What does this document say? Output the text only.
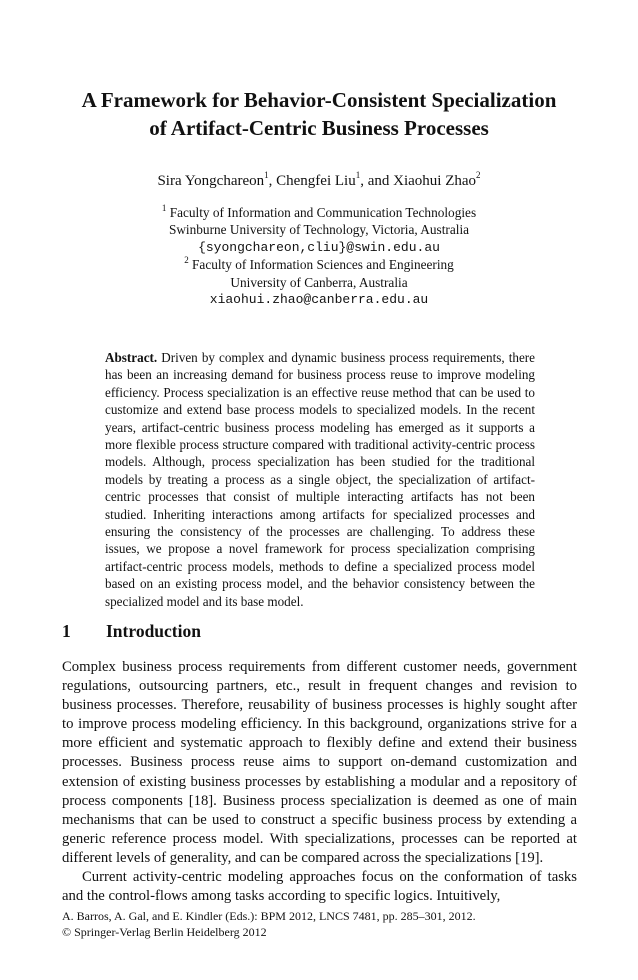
A Framework for Behavior-Consistent Specialization
of Artifact-Centric Business Processes
Sira Yongchareon$^1$, Chengfei Liu$^1$, and Xiaohui Zhao$^2$
$^1$ Faculty of Information and Communication Technologies
Swinburne University of Technology, Victoria, Australia
{syongchareon,cliu}@swin.edu.au
$^2$ Faculty of Information Sciences and Engineering
University of Canberra, Australia
xiaohui.zhao@canberra.edu.au
Abstract. Driven by complex and dynamic business process requirements, there has been an increasing demand for business process reuse to improve modeling efficiency. Process specialization is an effective reuse method that can be used to customize and extend base process models to specialized models. In the recent years, artifact-centric business process modeling has emerged as it supports a more flexible process structure compared with traditional activity-centric process models. Although, process specialization has been studied for the traditional models by treating a process as a single object, the specialization of artifact-centric processes that consist of multiple interacting artifacts has not been studied. Inheriting interactions among artifacts for specialized processes and ensuring the consistency of the processes are challenging. To address these issues, we propose a novel framework for process specialization comprising artifact-centric process models, methods to define a specialized process model based on an existing process model, and the behavior consistency between the specialized model and its base model.
1 Introduction

Complex business process requirements from different customer needs, government regulations, outsourcing partners, etc., result in frequent changes and revision to business processes. Therefore, reusability of business processes is highly sought after to improve process modeling efficiency. In this background, organizations strive for a more efficient and systematic approach to flexibly define and extend their business processes. Business process reuse aims to support on-demand customization and extension of existing business processes by establishing a modular and a repository of process components [18]. Business process specialization is deemed as one of main mechanisms that can be used to construct a specific business process by extending a generic reference process model. With specializations, processes can be reported at different levels of generality, and can be compared across the specializations [19].

Current activity-centric modeling approaches focus on the conformation of tasks and the control-flows among tasks according to specific logics. Intuitively,

A. Barros, A. Gal, and E. Kindler (Eds.): BPM 2012, LNCS 7481, pp. 285–301, 2012.
© Springer-Verlag Berlin Heidelberg 2012
